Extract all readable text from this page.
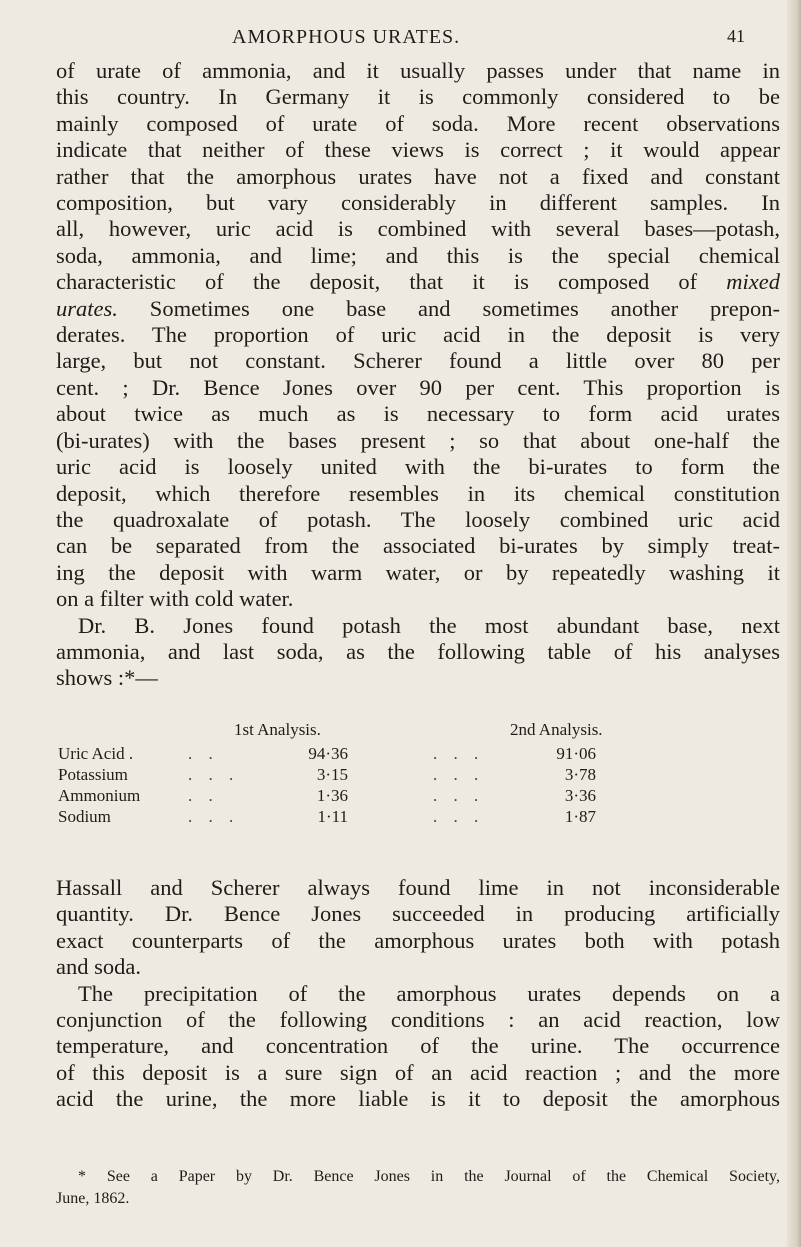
AMORPHOUS URATES.	41

of urate of ammonia, and it usually passes under that name in

this country. In Germany it is commonly considered to be

mainly composed of urate of soda. More recent observations

indicate that neither of these views is correct ; it would appear

rather that the amorphous urates have not a fixed and constant

composition, but vary considerably in different samples. In

all, however, uric acid is combined with several bases—potash,

soda, ammonia, and lime; and this is the special chemical

characteristic of the deposit, that it is composed of mixed

urates. Sometimes one base and sometimes another prepon-

derates. The proportion of uric acid in the deposit is very

large, but not constant. Scherer found a little over 80 per

cent. ; Dr. Bence Jones over 90 per cent. This proportion is

about twice as much as is necessary to form acid urates

(bi-urates) with the bases present ; so that about one-half the

uric acid is loosely united with the bi-urates to form the

deposit, which therefore resembles in its chemical constitution

the quadroxalate of potash. The loosely combined uric acid

can be separated from the associated bi-urates by simply treat-

ing the deposit with warm water, or by repeatedly washing it

on a filter with cold water.

Dr. B. Jones found potash the most abundant base, next

ammonia, and last soda, as the following table of his analyses

shows :*—

1st Analysis.	2nd Analysis.
Uric Acid .	. .	94·36	. . .	91·06
Potassium	. . .	3·15	. . .	3·78
Ammonium	. .	1·36	. . .	3·36
Sodium	. . .	1·11	. . .	1·87

Hassall and Scherer always found lime in not inconsiderable

quantity. Dr. Bence Jones succeeded in producing artificially

exact counterparts of the amorphous urates both with potash

and soda.

The precipitation of the amorphous urates depends on a

conjunction of the following conditions : an acid reaction, low

temperature, and concentration of the urine. The occurrence

of this deposit is a sure sign of an acid reaction ; and the more

acid the urine, the more liable is it to deposit the amorphous

* See a Paper by Dr. Bence Jones in the Journal of the Chemical Society,
June, 1862.
